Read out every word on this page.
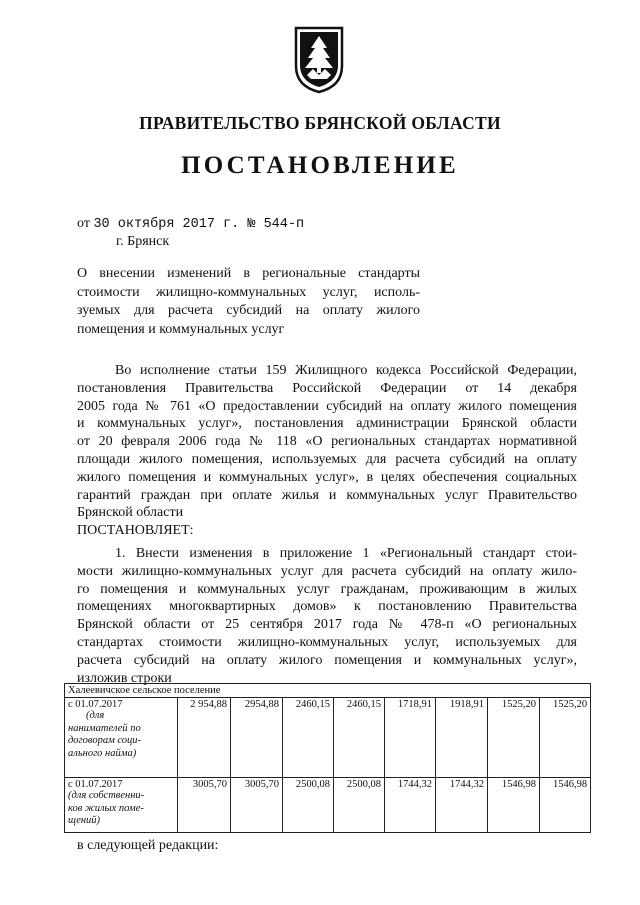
ПРАВИТЕЛЬСТВО БРЯНСКОЙ ОБЛАСТИ
ПОСТАНОВЛЕНИЕ
от 30 октября 2017 г. № 544-п
г. Брянск
О внесении изменений в региональные стандарты
стоимости жилищно-коммунальных услуг, исполь-
зуемых для расчета субсидий на оплату жилого
помещения и коммунальных услуг
Во исполнение статьи 159 Жилищного кодекса Российской Федерации,
постановления Правительства Российской Федерации от 14 декабря
2005 года № 761 «О предоставлении субсидий на оплату жилого помещения
и коммунальных услуг», постановления администрации Брянской области
от 20 февраля 2006 года № 118 «О региональных стандартах нормативной
площади жилого помещения, используемых для расчета субсидий на оплату
жилого помещения и коммунальных услуг», в целях обеспечения социальных
гарантий граждан при оплате жилья и коммунальных услуг Правительство
Брянской области
ПОСТАНОВЛЯЕТ:
1. Внести изменения в приложение 1 «Региональный стандарт стои-
мости жилищно-коммунальных услуг для расчета субсидий на оплату жило-
го помещения и коммунальных услуг гражданам, проживающим в жилых
помещениях многоквартирных домов» к постановлению Правительства
Брянской области от 25 сентября 2017 года № 478-п «О региональных
стандартах стоимости жилищно-коммунальных услуг, используемых для
расчета субсидий на оплату жилого помещения и коммунальных услуг»,
изложив строки
Халеевичское сельское поселение								
с 01.07.2017
(для
нанимателей по
договорам соци-
ального найма)	2 954,88	2954,88	2460,15	2460,15	1718,91	1918,91	1525,20	1525,20
с 01.07.2017
(для собственни-
ков жилых поме-
щений)	3005,70	3005,70	2500,08	2500,08	1744,32	1744,32	1546,98	1546,98
в следующей редакции:
